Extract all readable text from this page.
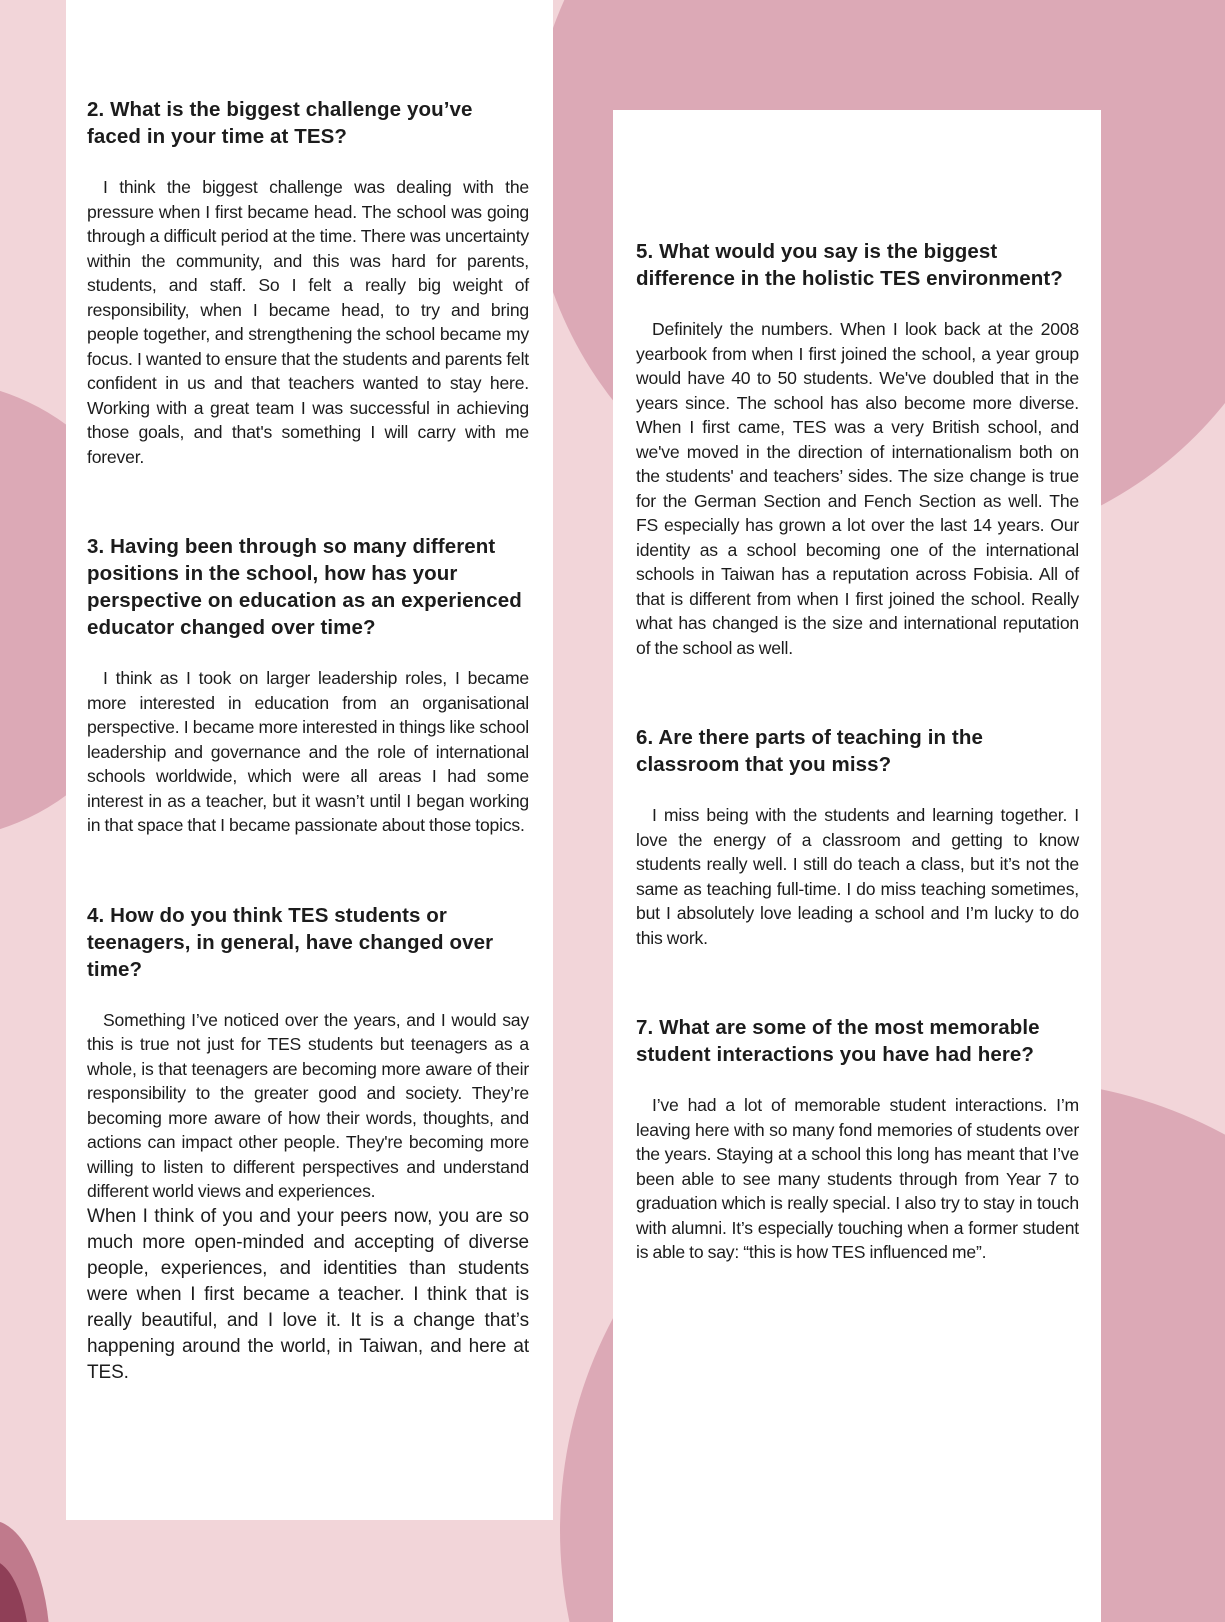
2. What is the biggest challenge you’ve faced in your time at TES?

I think the biggest challenge was dealing with the pressure when I first became head. The school was going through a difficult period at the time. There was uncertainty within the community, and this was hard for parents, students, and staff. So I felt a really big weight of responsibility, when I became head, to try and bring people together, and strengthening the school became my focus. I wanted to ensure that the students and parents felt confident in us and that teachers wanted to stay here. Working with a great team I was successful in achieving those goals, and that's something I will carry with me forever.

3. Having been through so many different positions in the school, how has your perspective on education as an experienced educator changed over time?

I think as I took on larger leadership roles, I became more interested in education from an organisational perspective. I became more interested in things like school leadership and governance and the role of international schools worldwide, which were all areas I had some interest in as a teacher, but it wasn’t until I began working in that space that I became passionate about those topics.

4. How do you think TES students or teenagers, in general, have changed over time?

Something I’ve noticed over the years, and I would say this is true not just for TES students but teenagers as a whole, is that teenagers are becoming more aware of their responsibility to the greater good and society. They’re becoming more aware of how their words, thoughts, and actions can impact other people. They're becoming more willing to listen to different perspectives and understand different world views and experiences.

When I think of you and your peers now, you are so much more open-minded and accepting of diverse people, experiences, and identities than students were when I first became a teacher. I think that is really beautiful, and I love it. It is a change that’s happening around the world, in Taiwan, and here at TES.

5. What would you say is the biggest difference in the holistic TES environment?

Definitely the numbers. When I look back at the 2008 yearbook from when I first joined the school, a year group would have 40 to 50 students. We've doubled that in the years since. The school has also become more diverse. When I first came, TES was a very British school, and we've moved in the direction of internationalism both on the students' and teachers’ sides. The size change is true for the German Section and Fench Section as well. The FS especially has grown a lot over the last 14 years. Our identity as a school becoming one of the international schools in Taiwan has a reputation across Fobisia. All of that is different from when I first joined the school. Really what has changed is the size and international reputation of the school as well.

6. Are there parts of teaching in the classroom that you miss?

I miss being with the students and learning together. I love the energy of a classroom and getting to know students really well. I still do teach a class, but it’s not the same as teaching full-time. I do miss teaching sometimes, but I absolutely love leading a school and I’m lucky to do this work.

7. What are some of the most memorable student interactions you have had here?

I’ve had a lot of memorable student interactions. I’m leaving here with so many fond memories of students over the years. Staying at a school this long has meant that I’ve been able to see many students through from Year 7 to graduation which is really special. I also try to stay in touch with alumni. It’s especially touching when a former student is able to say: “this is how TES influenced me”.
